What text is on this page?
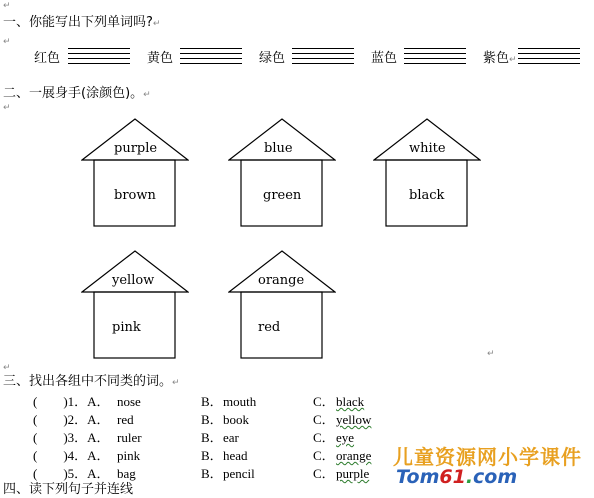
↵
↵
↵
↵
↵
一、你能写出下列单词吗?↵
红色	黄色	绿色	蓝色	紫色↵
二、一展身手(涂颜色)。↵
purple
brown
blue
green
white
black
yellow
pink
orange
red
三、找出各组中不同类的词。↵
(　　)1．A． nose	B． mouth	C． black
(　　)2．A． red	B． book	C． yellow
(　　)3．A． ruler	B． ear	C． eye
(　　)4．A． pink	B． head	C． orange
(　　)5．A． bag	B． pencil	C． purple
四、读下列句子并连线
儿童资源网小学课件
Tom61.com
